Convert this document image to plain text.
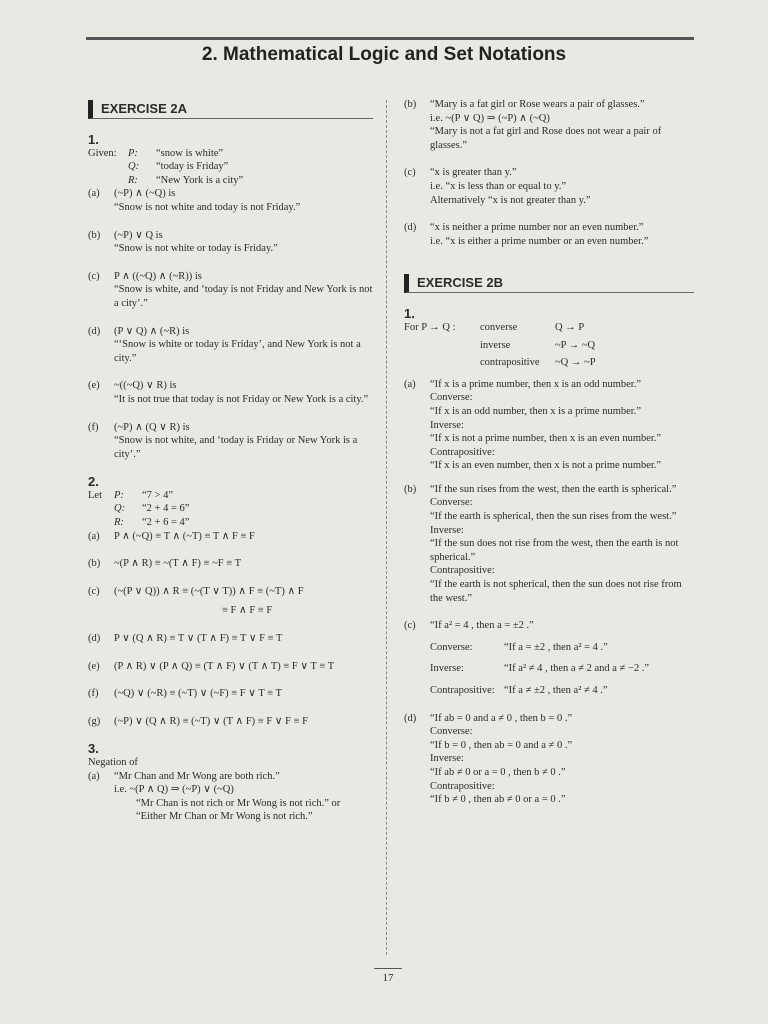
2. Mathematical Logic and Set Notations
EXERCISE 2A
1.
Given:	P:	“snow is white”
Q:	“today is Friday”
R:	“New York is a city”
(a)	(~P) ∧ (~Q) is
“Snow is not white and today is not Friday.”
(b)	(~P) ∨ Q is
“Snow is not white or today is Friday.”
(c)	P ∧ ((~Q) ∧ (~R)) is
“Snow is white, and ‘today is not Friday and New York is not a city’.”
(d)	(P ∨ Q) ∧ (~R) is
“‘Snow is white or today is Friday’, and New York is not a city.”
(e)	~((~Q) ∨ R) is
“It is not true that today is not Friday or New York is a city.”
(f)	(~P) ∧ (Q ∨ R) is
“Snow is not white, and ‘today is Friday or New York is a city’.”
2.
Let	P:	“7 > 4”
Q:	“2 + 4 = 6”
R:	“2 + 6 = 4”
(a)	P ∧ (~Q) ≡ T ∧ (~T) ≡ T ∧ F ≡ F
(b)	~(P ∧ R) ≡ ~(T ∧ F) ≡ ~F ≡ T
(c)	(~(P ∨ Q)) ∧ R ≡ (~(T ∨ T)) ∧ F ≡ (~T) ∧ F
≡ F ∧ F ≡ F
(d)	P ∨ (Q ∧ R) ≡ T ∨ (T ∧ F) ≡ T ∨ F ≡ T
(e)	(P ∧ R) ∨ (P ∧ Q) ≡ (T ∧ F) ∨ (T ∧ T) ≡ F ∨ T ≡ T
(f)	(~Q) ∨ (~R) ≡ (~T) ∨ (~F) ≡ F ∨ T ≡ T
(g)	(~P) ∨ (Q ∧ R) ≡ (~T) ∨ (T ∧ F) ≡ F ∨ F ≡ F
3.
Negation of
(a)	“Mr Chan and Mr Wong are both rich.”
i.e. ~(P ∧ Q) ⇒ (~P) ∨ (~Q)
“Mr Chan is not rich or Mr Wong is not rich.” or
“Either Mr Chan or Mr Wong is not rich.”
(b)	“Mary is a fat girl or Rose wears a pair of glasses.”
i.e. ~(P ∨ Q) ⇒ (~P) ∧ (~Q)
“Mary is not a fat girl and Rose does not wear a pair of glasses.”
(c)	“x is greater than y.”
i.e. “x is less than or equal to y.”
Alternatively “x is not greater than y.”
(d)	“x is neither a prime number nor an even number.”
i.e. “x is either a prime number or an even number.”
EXERCISE 2B
1.
For P → Q :	converse	Q → P
inverse	~P → ~Q
contrapositive	~Q → ~P
(a)	“If x is a prime number, then x is an odd number.”
Converse:
“If x is an odd number, then x is a prime number.”
Inverse:
“If x is not a prime number, then x is an even number.”
Contrapositive:
“If x is an even number, then x is not a prime number.”
(b)	“If the sun rises from the west, then the earth is spherical.”
Converse:
“If the earth is spherical, then the sun rises from the west.”
Inverse:
“If the sun does not rise from the west, then the earth is not spherical.”
Contrapositive:
“If the earth is not spherical, then the sun does not rise from the west.”
(c)	“If a² = 4 , then a = ±2 .”
Converse:	“If a = ±2 , then a² = 4 .”
Inverse:	“If a² ≠ 4 , then a ≠ 2 and a ≠ −2 .”
Contrapositive: “If a ≠ ±2 , then a² ≠ 4 .”
(d)	“If ab = 0 and a ≠ 0 , then b = 0 .”
Converse:
“If b = 0 , then ab = 0 and a ≠ 0 .”
Inverse:
“If ab ≠ 0 or a = 0 , then b ≠ 0 .”
Contrapositive:
“If b ≠ 0 , then ab ≠ 0 or a = 0 .”
17
